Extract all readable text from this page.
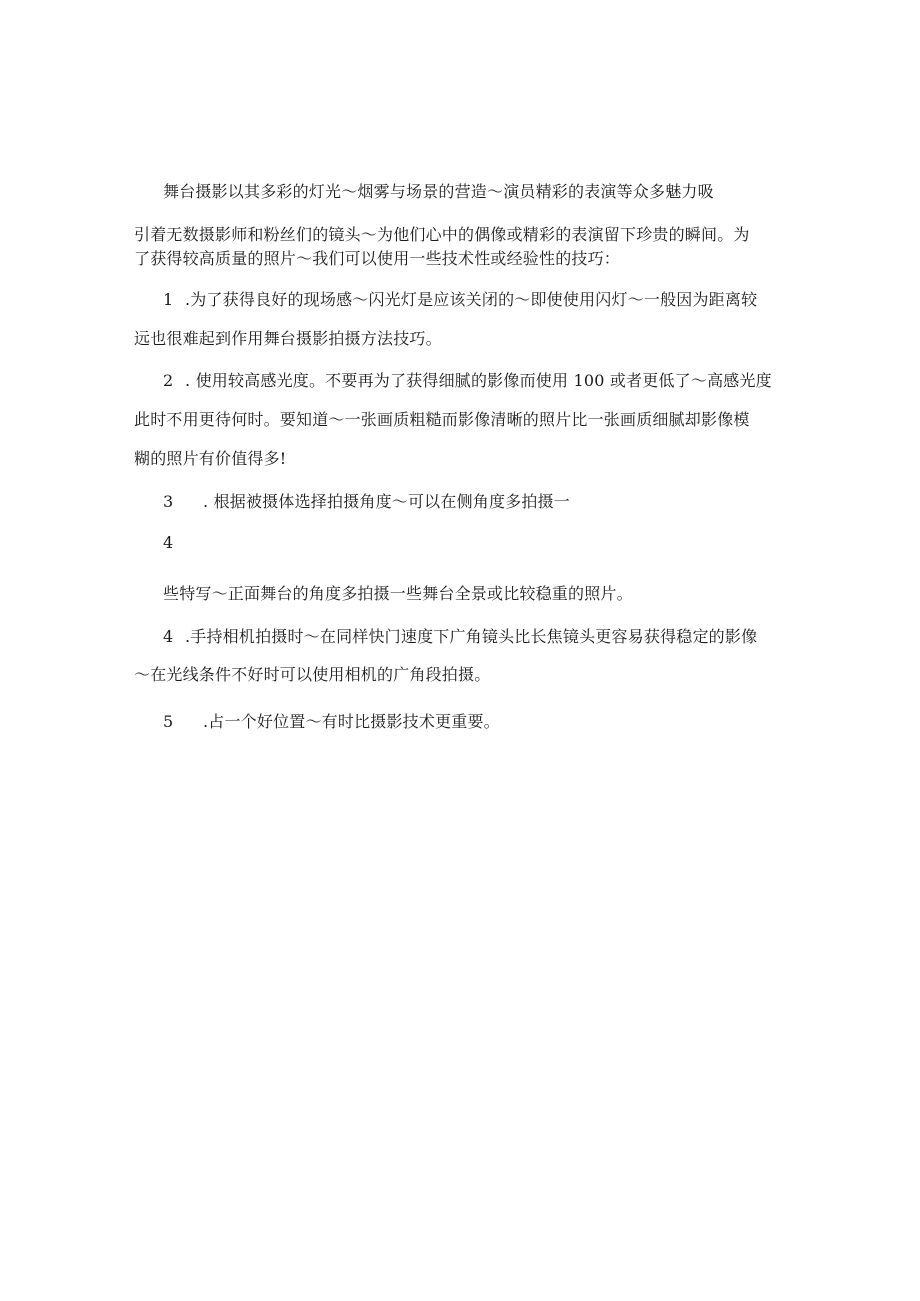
舞台摄影以其多彩的灯光～烟雾与场景的营造～演员精彩的表演等众多魅力吸
引着无数摄影师和粉丝们的镜头～为他们心中的偶像或精彩的表演留下珍贵的瞬间。为
了获得较高质量的照片～我们可以使用一些技术性或经验性的技巧：
1 .为了获得良好的现场感～闪光灯是应该关闭的～即使使用闪灯～一般因为距离较
远也很难起到作用舞台摄影拍摄方法技巧。
2 . 使用较高感光度。不要再为了获得细腻的影像而使用 100 或者更低了～高感光度
此时不用更待何时。要知道～一张画质粗糙而影像清晰的照片比一张画质细腻却影像模
糊的照片有价值得多!
3 . 根据被摄体选择拍摄角度～可以在侧角度多拍摄一
4
些特写～正面舞台的角度多拍摄一些舞台全景或比较稳重的照片。
4 .手持相机拍摄时～在同样快门速度下广角镜头比长焦镜头更容易获得稳定的影像
～在光线条件不好时可以使用相机的广角段拍摄。
5 .占一个好位置～有时比摄影技术更重要。
